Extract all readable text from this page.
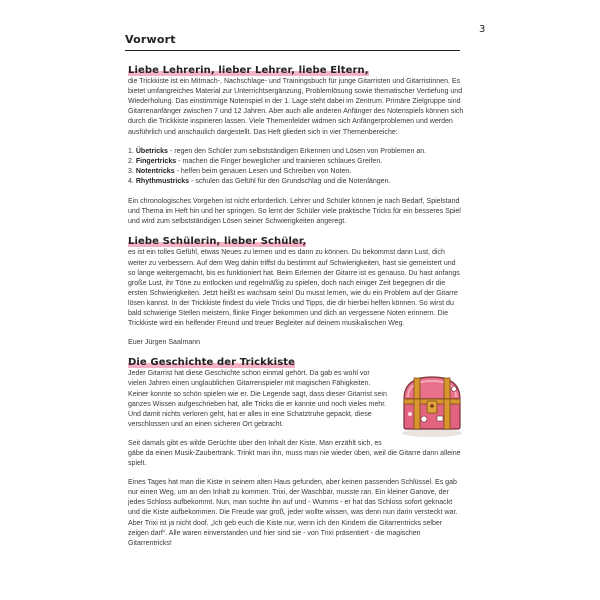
3
Vorwort
Liebe Lehrerin, lieber Lehrer, liebe Eltern,

die Trickkiste ist ein Mitmach-, Nachschlage- und Trainingsbuch für junge Gitarristen und Gitarristinnen. Es bietet umfangreiches Material zur Unterrichtsergänzung, Problemlösung sowie thematischer Vertiefung und Wiederholung. Das einstimmige Notenspiel in der 1. Lage steht dabei im Zentrum. Primäre Zielgruppe sind Gitarrenanfänger zwischen 7 und 12 Jahren. Aber auch alle anderen Anfänger des Notenspiels können sich durch die Trickkiste inspirieren lassen. Viele Themenfelder widmen sich Anfängerproblemen und werden ausführlich und anschaulich dargestellt. Das Heft gliedert sich in vier Themenbereiche:

1. Übetricks - regen den Schüler zum selbstständigen Erkennen und Lösen von Problemen an.

2. Fingertricks - machen die Finger beweglicher und trainieren schlaues Greifen.

3. Notentricks - helfen beim genauen Lesen und Schreiben von Noten.

4. Rhythmustricks - schulen das Gefühl für den Grundschlag und die Notenlängen.

Ein chronologisches Vorgehen ist nicht erforderlich. Lehrer und Schüler können je nach Bedarf, Spielstand und Thema im Heft hin und her springen. So lernt der Schüler viele praktische Tricks für ein besseres Spiel und wird zum selbstständigen Lösen seiner Schwierigkeiten angeregt.

Liebe Schülerin, lieber Schüler,

es ist ein tolles Gefühl, etwas Neues zu lernen und es dann zu können. Du bekommst dann Lust, dich weiter zu verbessern. Auf dem Weg dahin triffst du bestimmt auf Schwierigkeiten, hast sie gemeistert und so lange weitergemacht, bis es funktioniert hat. Beim Erlernen der Gitarre ist es genauso. Du hast anfangs große Lust, ihr Töne zu entlocken und regelmäßig zu spielen, doch nach einiger Zeit begegnen dir die ersten Schwierigkeiten. Jetzt heißt es wachsam sein! Du musst lernen, wie du ein Problem auf der Gitarre lösen kannst. In der Trickkiste findest du viele Tricks und Tipps, die dir hierbei helfen können. So wirst du bald schwierige Stellen meistern, flinke Finger bekommen und dich an vergessene Noten erinnern. Die Trickkiste wird ein helfender Freund und treuer Begleiter auf deinem musikalischen Weg.

Euer Jürgen Saalmann

Die Geschichte der Trickkiste

Jeder Gitarrist hat diese Geschichte schon einmal gehört. Da gab es wohl vor vielen Jahren einen unglaublichen Gitarrenspieler mit magischen Fähigkeiten. Keiner konnte so schön spielen wie er. Die Legende sagt, dass dieser Gitarrist sein ganzes Wissen aufgeschrieben hat, alle Tricks die er kannte und noch vieles mehr. Und damit nichts verloren geht, hat er alles in eine Schatztruhe gepackt, diese verschlossen und an einen sicheren Ort gebracht.

Seit damals gibt es wilde Gerüchte über den Inhalt der Kiste. Man erzählt sich, es gäbe da einen Musik-Zaubertrank. Trinkt man ihn, muss man nie wieder üben, weil die Gitarre dann alleine spielt.

Eines Tages hat man die Kiste in seinem alten Haus gefunden, aber keinen passenden Schlüssel. Es gab nur einen Weg, um an den Inhalt zu kommen. Trixi, der Waschbär, musste ran. Ein kleiner Ganove, der jedes Schloss aufbekommt. Nun, man suchte ihn auf und - Wumms - er hat das Schloss sofort geknackt und die Kiste aufbekommen. Die Freude war groß, jeder wollte wissen, was denn nun darin versteckt war. Aber Trixi ist ja nicht doof. „Ich geb euch die Kiste nur, wenn ich den Kindern die Gitarrentricks selber zeigen darf“. Alle waren einverstanden und hier sind sie - von Trixi präsentiert - die magischen Gitarrentricks!
